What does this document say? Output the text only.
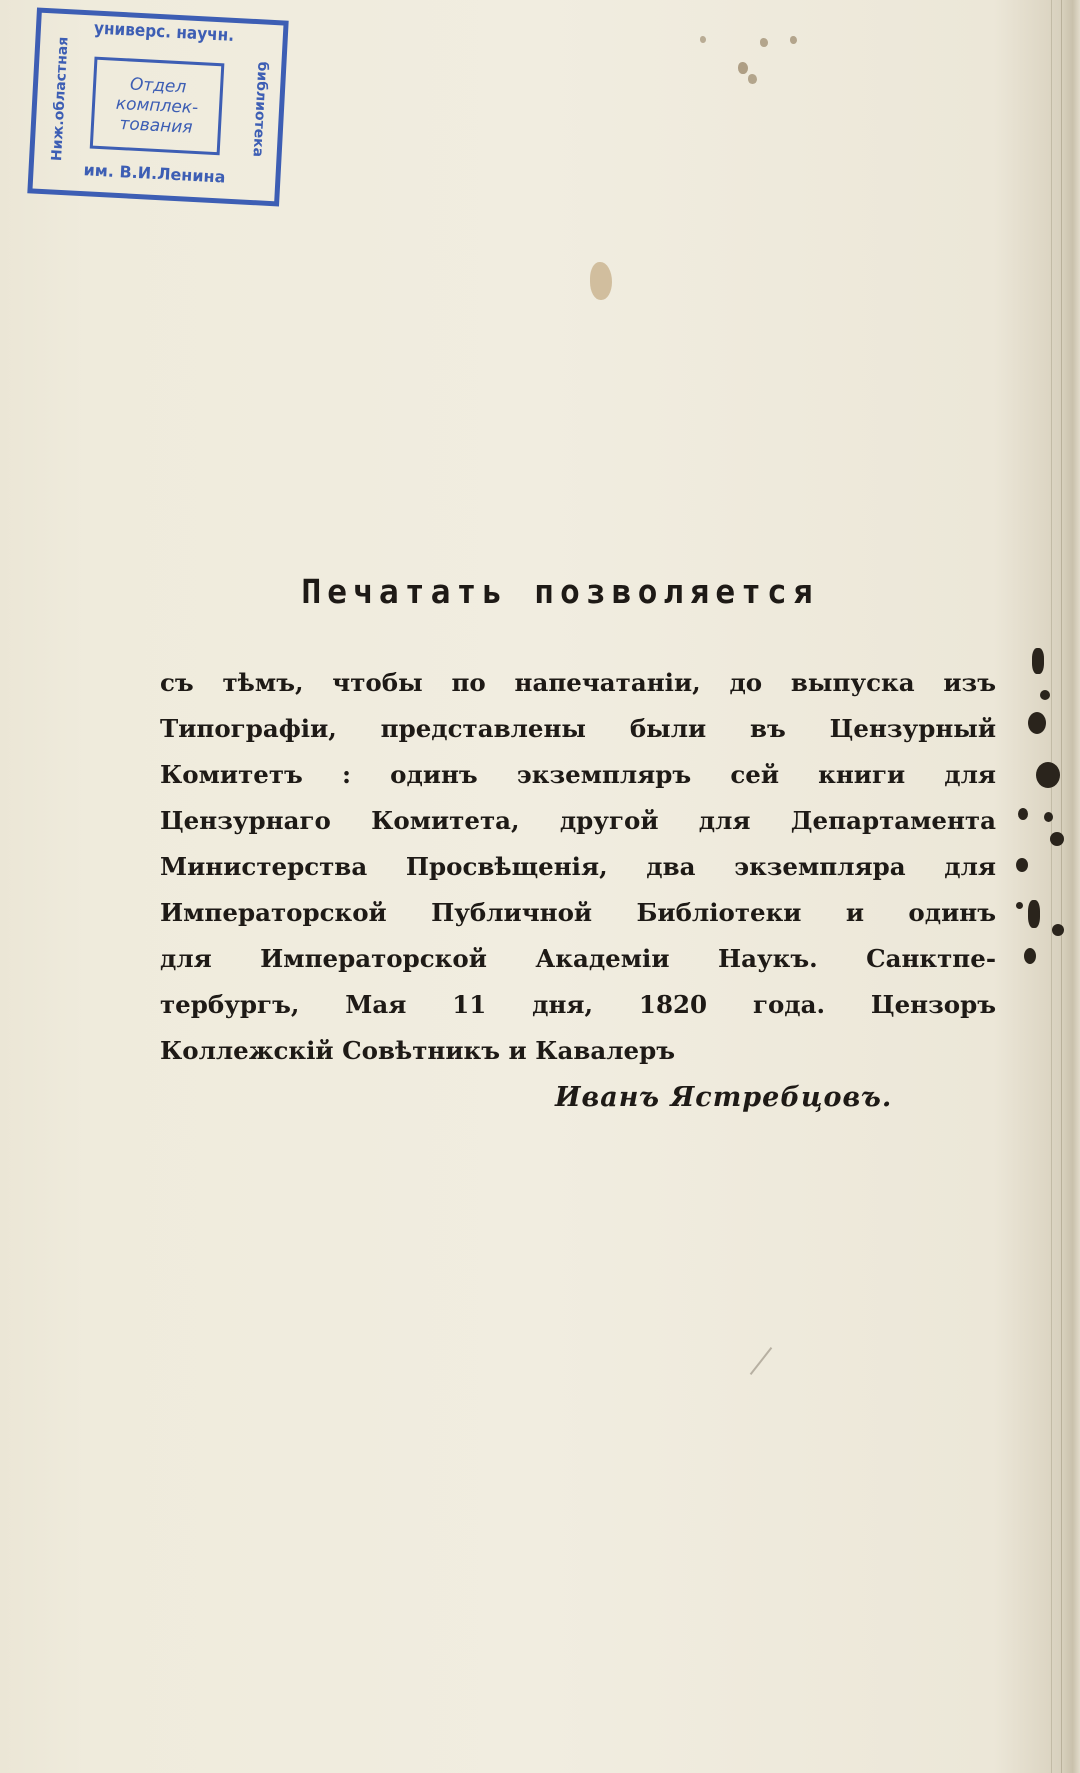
универс. научн.
Ниж.областная	библиотека
Отдел
комплек-
тования
им. В.И.Ленина
Печатать позволяется
съ тѣмъ, чтобы по напечатаніи, до выпуска изъ
Типографіи, представлены были въ Цензурный
Комитетъ : одинъ экземпляръ сей книги для
Цензурнаго Комитета, другой для Департамента
Министерства Просвѣщенія, два экземпляра для
Императорской Публичной Библіотеки и одинъ
для Императорской Академіи Наукъ. Санктпе-
тербургъ, Мая 11 дня, 1820 года. Цензоръ
Коллежскій Совѣтникъ и Кавалеръ
Иванъ Ястребцовъ.
